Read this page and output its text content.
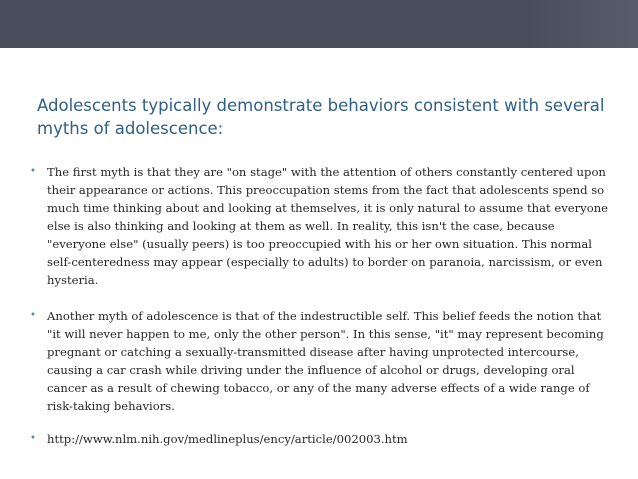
Adolescents typically demonstrate behaviors consistent with several myths of adolescence:
• The first myth is that they are "on stage" with the attention of others constantly centered upon their appearance or actions. This preoccupation stems from the fact that adolescents spend so much time thinking about and looking at themselves, it is only natural to assume that everyone else is also thinking and looking at them as well. In reality, this isn't the case, because "everyone else" (usually peers) is too preoccupied with his or her own situation. This normal self-centeredness may appear (especially to adults) to border on paranoia, narcissism, or even hysteria.
• Another myth of adolescence is that of the indestructible self. This belief feeds the notion that "it will never happen to me, only the other person". In this sense, "it" may represent becoming pregnant or catching a sexually-transmitted disease after having unprotected intercourse, causing a car crash while driving under the influence of alcohol or drugs, developing oral cancer as a result of chewing tobacco, or any of the many adverse effects of a wide range of risk-taking behaviors.
• http://www.nlm.nih.gov/medlineplus/ency/article/002003.htm
